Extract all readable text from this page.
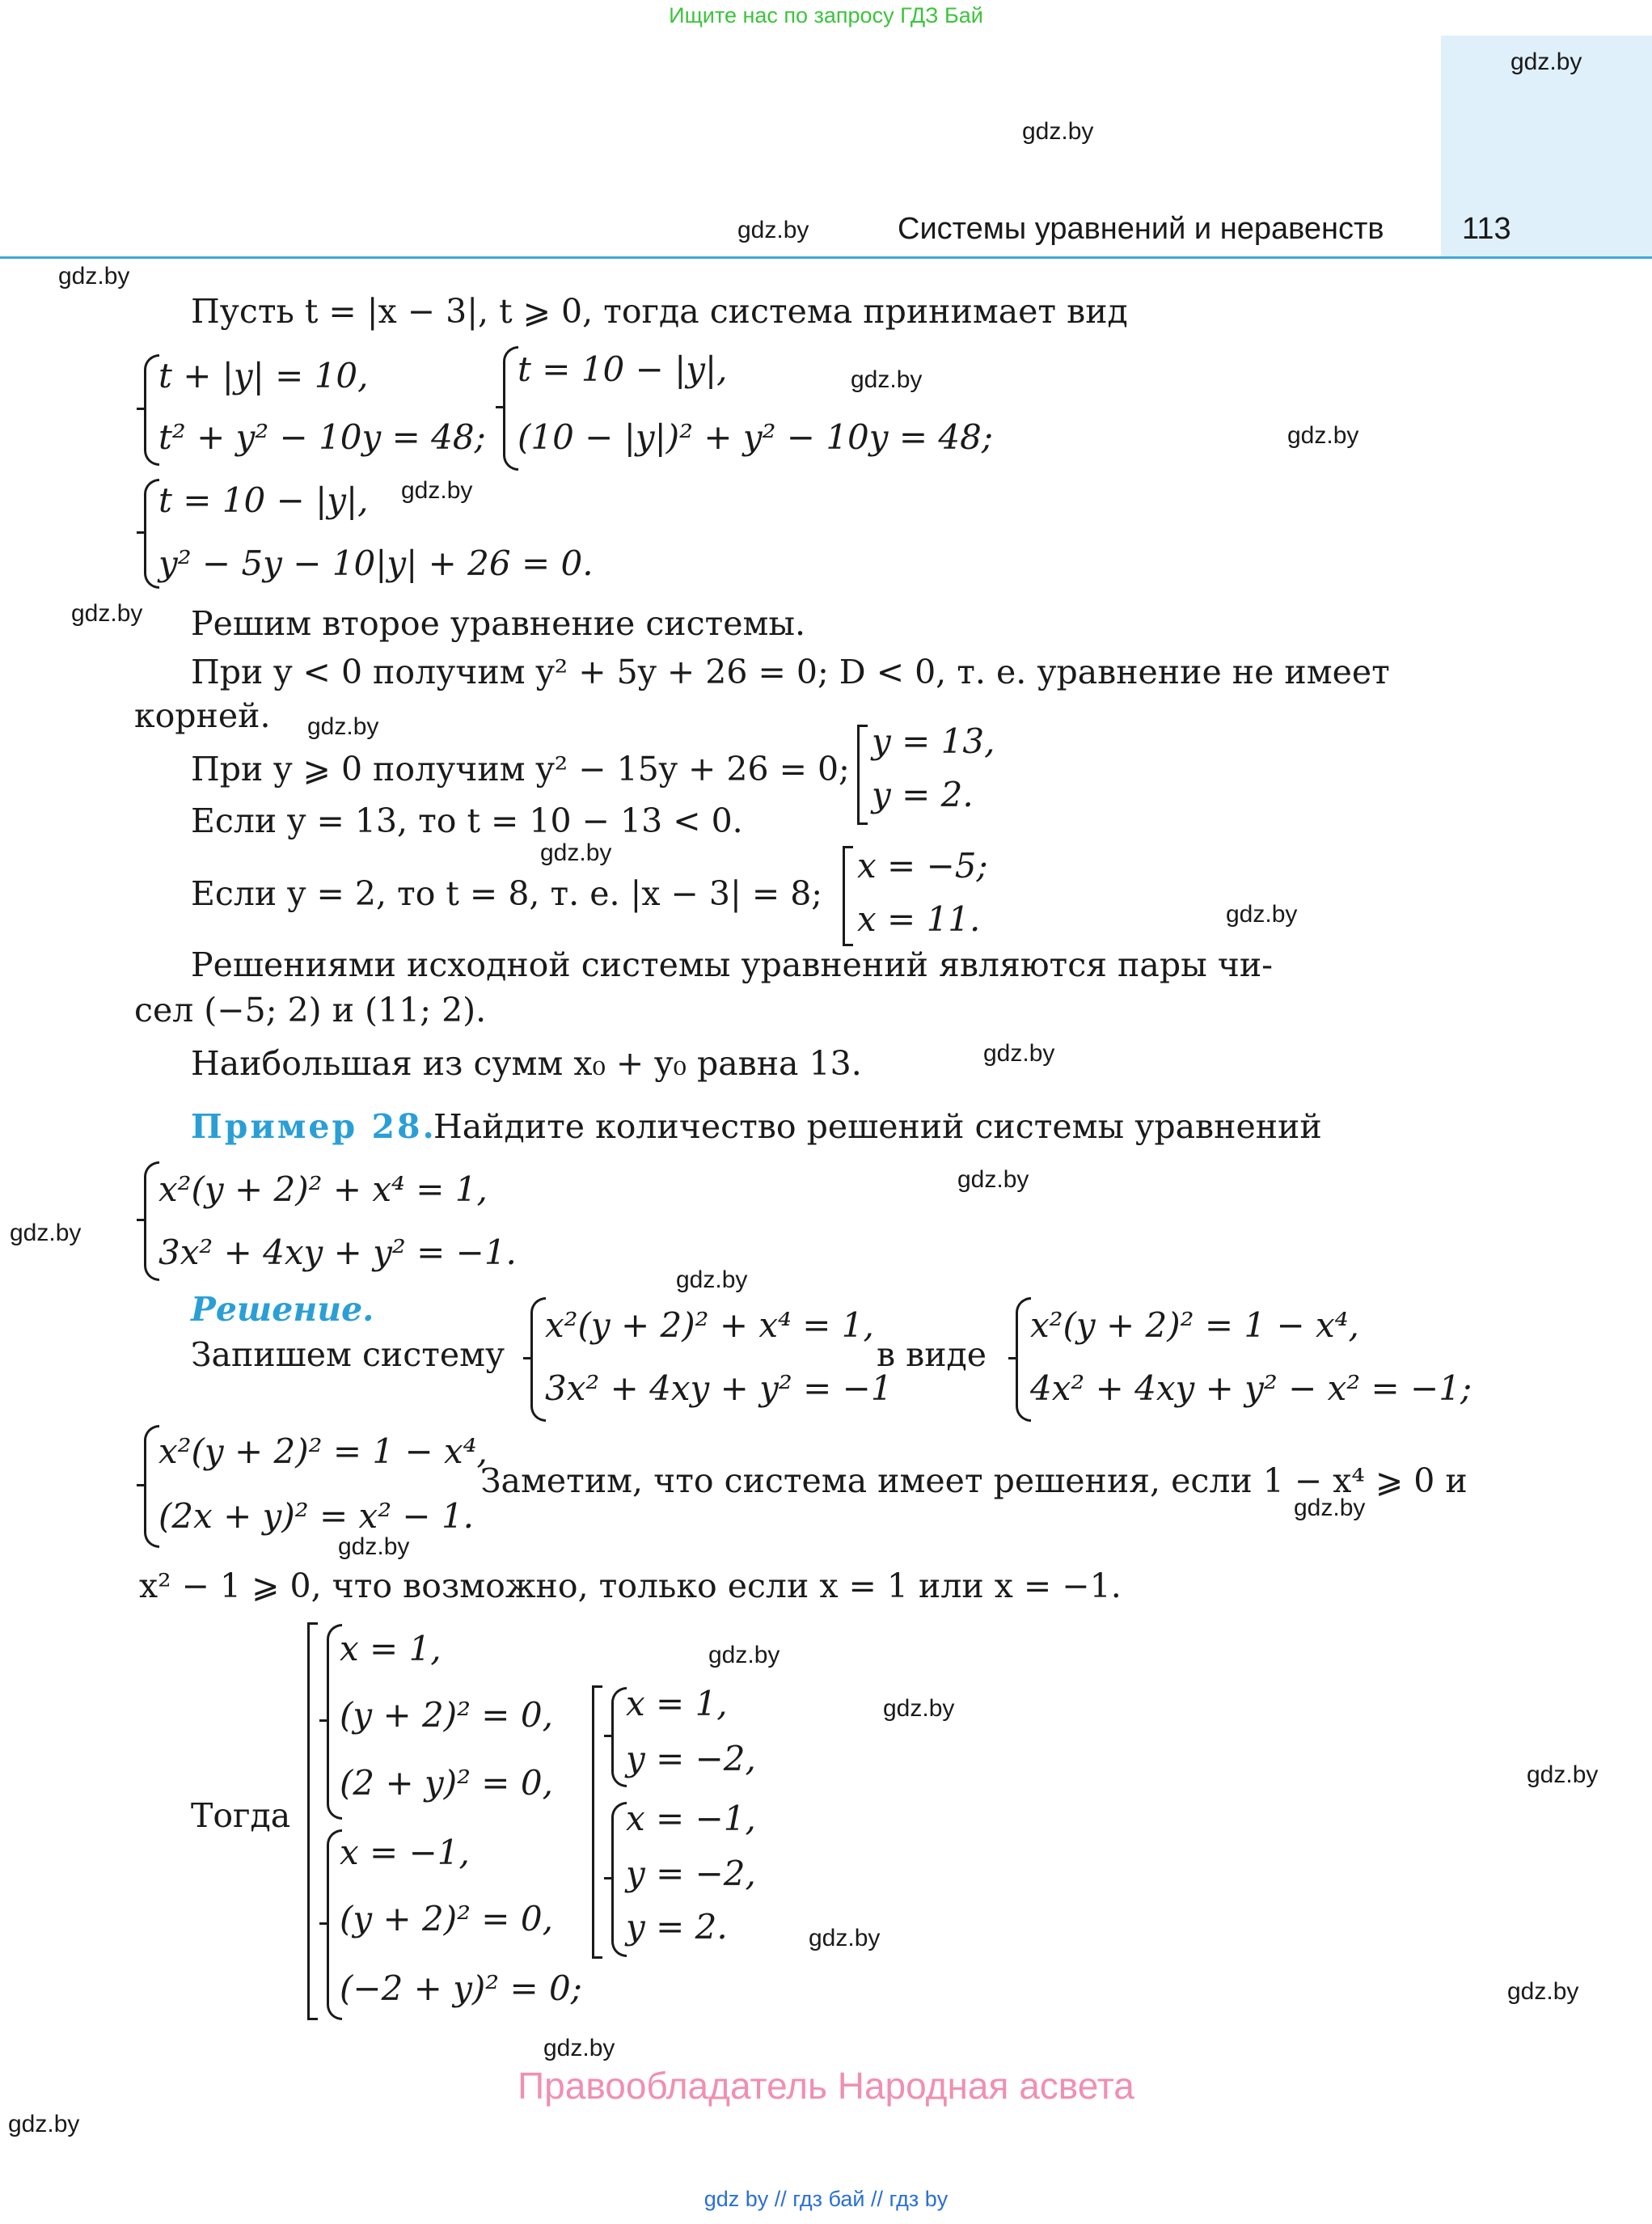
Ищите нас по запросу ГДЗ Бай
Системы уравнений и неравенств	113
gdz.by
gdz.by
gdz.by
gdz.by
gdz.by
gdz.by
gdz.by
gdz.by
gdz.by
gdz.by
gdz.by
gdz.by
gdz.by
gdz.by
gdz.by
gdz.by
gdz.by
gdz.by
gdz.by
gdz.by
gdz.by
gdz.by
gdz.by
gdz.by
Пусть t = |x − 3|, t ⩾ 0, тогда система принимает вид
t + |y| = 10,
t² + y² − 10y = 48;
t = 10 − |y|,
(10 − |y|)² + y² − 10y = 48;
t = 10 − |y|,
y² − 5y − 10|y| + 26 = 0.
Решим второе уравнение системы.
При y < 0 получим y² + 5y + 26 = 0; D < 0, т. е. уравнение не имеет
корней.
При y ⩾ 0 получим y² − 15y + 26 = 0;
y = 13,
y = 2.
Если y = 13, то t = 10 − 13 < 0.
Если y = 2, то t = 8, т. е. |x − 3| = 8;
x = −5;
x = 11.
Решениями исходной системы уравнений являются пары чи-
сел (−5; 2) и (11; 2).
Наибольшая из сумм x₀ + y₀ равна 13.
Пример 28.
Найдите количество решений системы уравнений
x²(y + 2)² + x⁴ = 1,
3x² + 4xy + y² = −1.
Решение.
Запишем систему
x²(y + 2)² + x⁴ = 1,
3x² + 4xy + y² = −1
в виде
x²(y + 2)² = 1 − x⁴,
4x² + 4xy + y² − x² = −1;
x²(y + 2)² = 1 − x⁴,
(2x + y)² = x² − 1.
Заметим, что система имеет решения, если 1 − x⁴ ⩾ 0 и
x² − 1 ⩾ 0, что возможно, только если x = 1 или x = −1.
Тогда
x = 1,
(y + 2)² = 0,
(2 + y)² = 0,
x = −1,
(y + 2)² = 0,
(−2 + y)² = 0;
x = 1,
y = −2,
x = −1,
y = −2,
y = 2.
Правообладатель Народная асвета
gdz by // гдз бай // гдз by
